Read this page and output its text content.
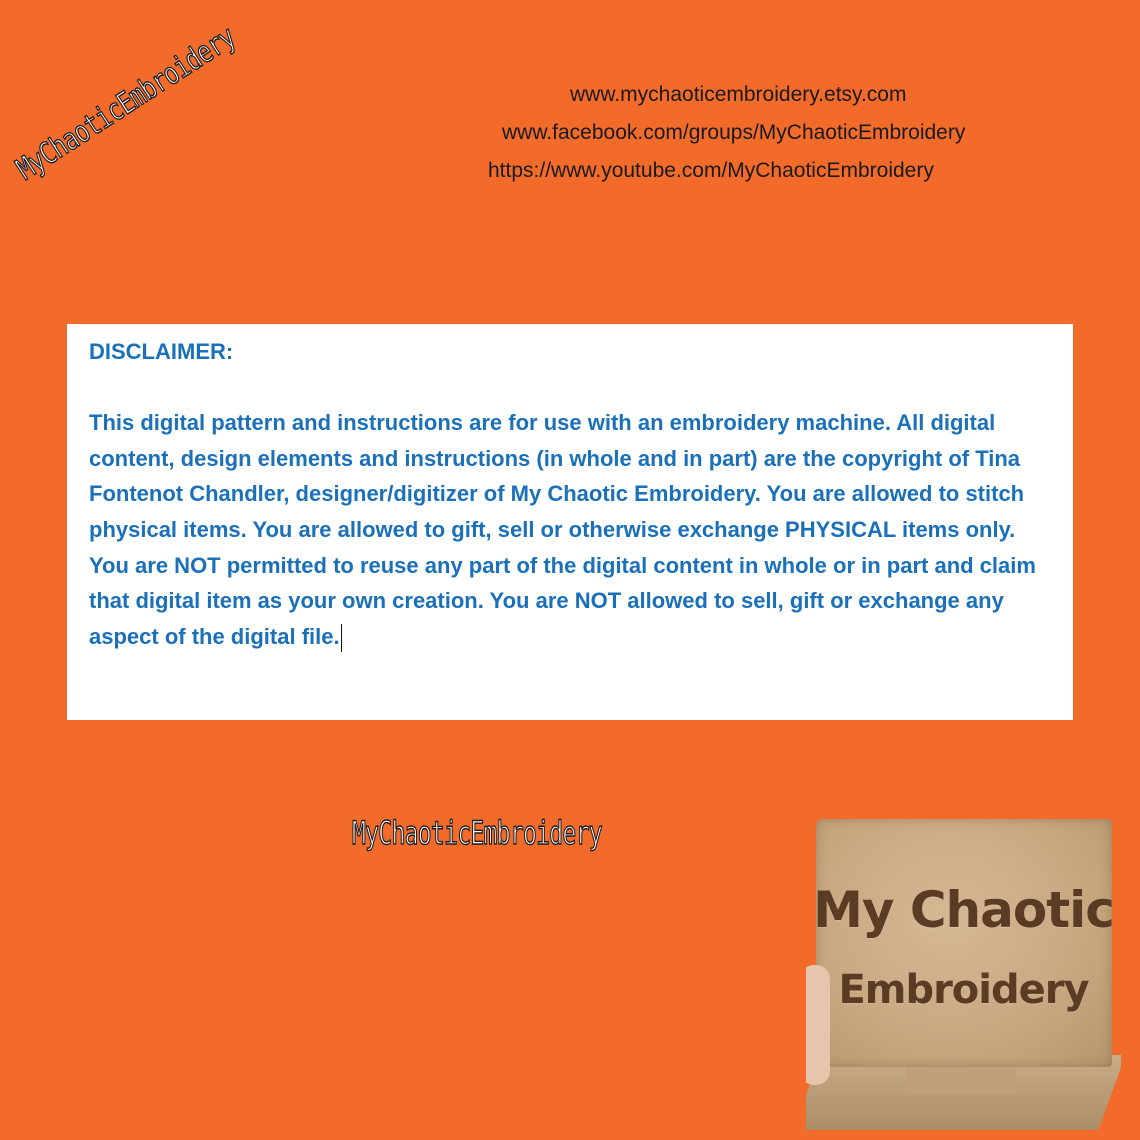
www.mychaoticembroidery.etsy.com
www.facebook.com/groups/MyChaoticEmbroidery
https://www.youtube.com/MyChaoticEmbroidery
MyChaoticEmbroidery
DISCLAIMER:
This digital pattern and instructions are for use with an embroidery machine. All digital content, design elements and instructions (in whole and in part) are the copyright of Tina Fontenot Chandler, designer/digitizer of My Chaotic Embroidery. You are allowed to stitch physical items. You are allowed to gift, sell or otherwise exchange PHYSICAL items only. You are NOT permitted to reuse any part of the digital content in whole or in part and claim that digital item as your own creation. You are NOT allowed to sell, gift or exchange any aspect of the digital file.
MyChaoticEmbroidery
My Chaotic
Embroidery
